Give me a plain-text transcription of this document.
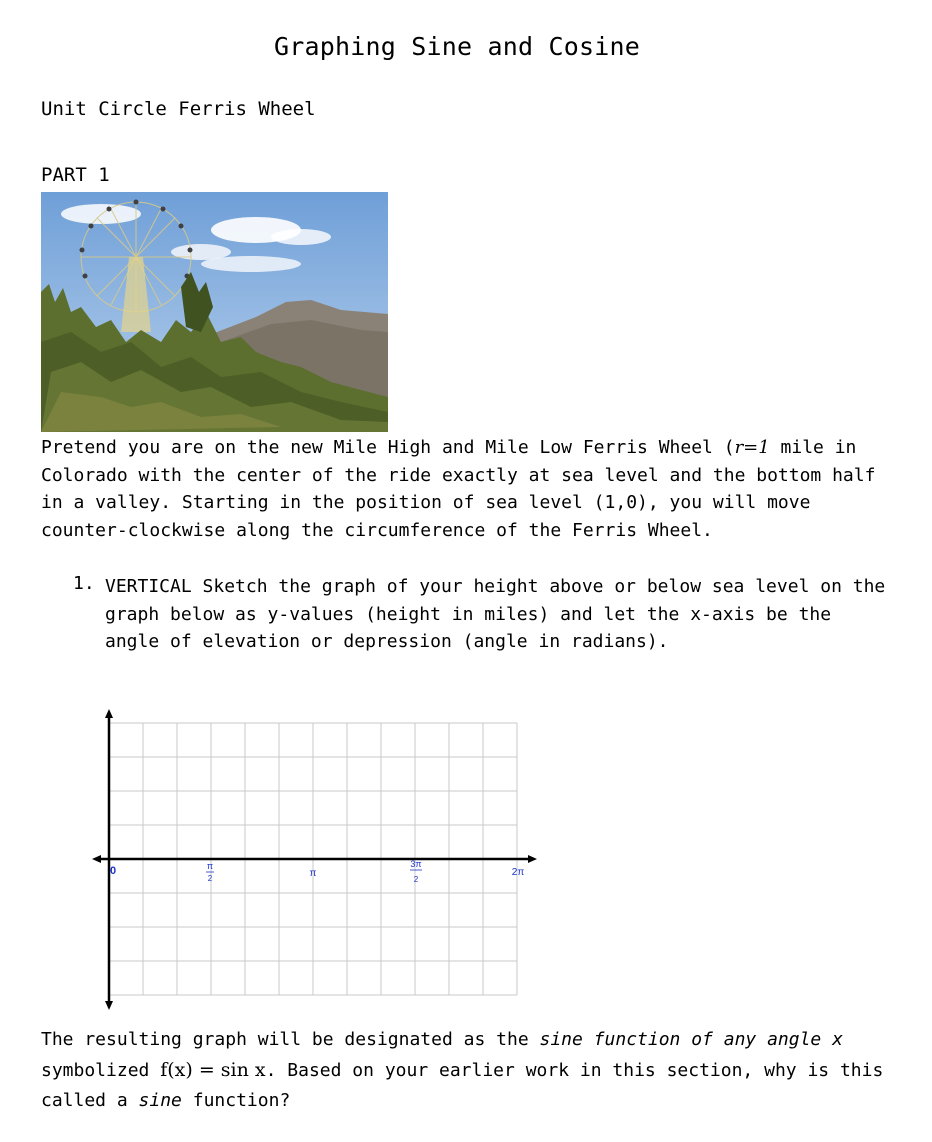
Graphing Sine and Cosine
Unit Circle Ferris Wheel
PART 1
Pretend you are on the new Mile High and Mile Low Ferris Wheel (r=1 mile in Colorado with the center of the ride exactly at sea level and the bottom half in a valley. Starting in the position of sea level (1,0), you will move counter-clockwise along the circumference of the Ferris Wheel.
1. VERTICAL Sketch the graph of your height above or below sea level on the graph below as y-values (height in miles) and let the x-axis be the angle of elevation or depression (angle in radians).
0	π
2	π
3π
2
2π
The resulting graph will be designated as the sine function of any angle x
symbolized f(x) = sin x. Based on your earlier work in this section, why is this called a sine function?
